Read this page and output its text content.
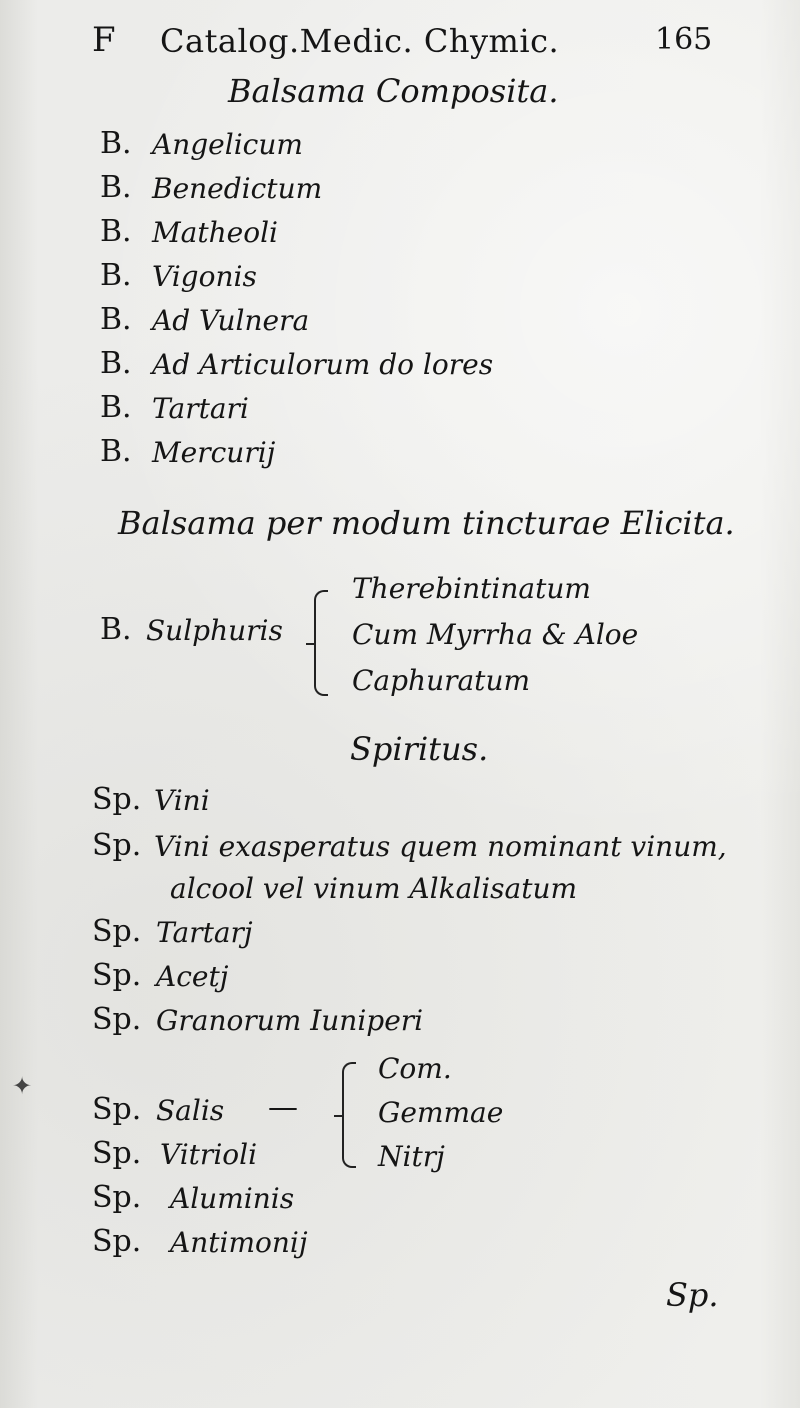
F Catalog.Medic. Chymic.	165
Balsama Composita.
B. Angelicum
B. Benedictum
B. Matheoli
B. Vigonis
B. Ad Vulnera
B. Ad Articulorum do lores
B. Tartari
B. Mercurij
Balsama per modum tincturae Elicita.
B. Sulphuris
Therebintinatum
Cum Myrrha & Aloe
Caphuratum
Spiritus.
Sp. Vini
Sp. Vini exasperatus quem nominant vinum,
alcool vel vinum Alkalisatum
Sp. Tartarj
Sp. Acetj
Sp. Granorum Iuniperi
Sp. Salis —
Com.
Gemmae
Nitrj
Sp. Vitrioli
Sp. Aluminis
Sp. Antimonij
Sp.
✦
